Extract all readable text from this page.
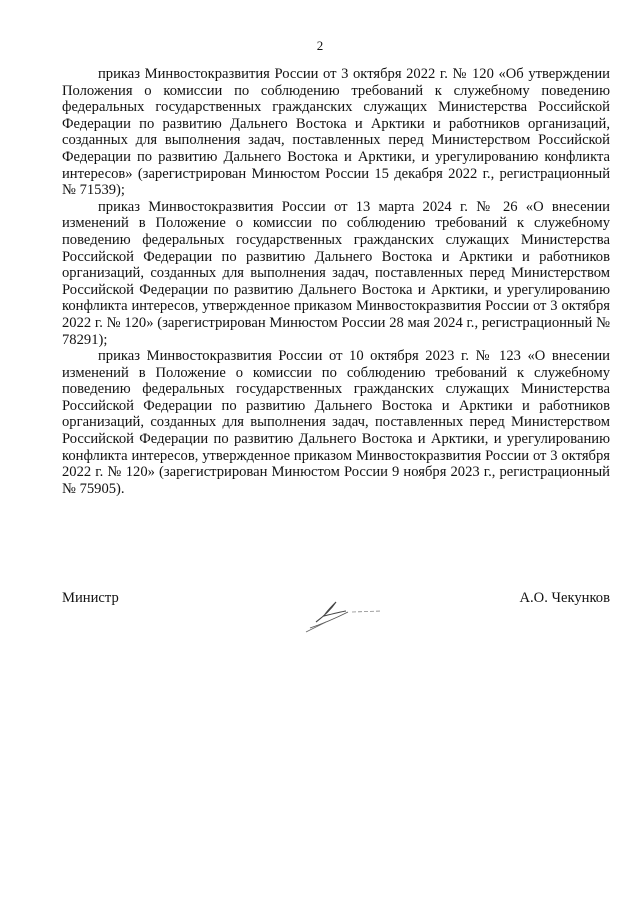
2

приказ Минвостокразвития России от 3 октября 2022 г. № 120 «Об утверждении Положения о комиссии по соблюдению требований к служебному поведению федеральных государственных гражданских служащих Министерства Российской Федерации по развитию Дальнего Востока и Арктики и работников организаций, созданных для выполнения задач, поставленных перед Министерством Российской Федерации по развитию Дальнего Востока и Арктики, и урегулированию конфликта интересов» (зарегистрирован Минюстом России 15 декабря 2022 г., регистрационный № 71539);

приказ Минвостокразвития России от 13 марта 2024 г. № 26 «О внесении изменений в Положение о комиссии по соблюдению требований к служебному поведению федеральных государственных гражданских служащих Министерства Российской Федерации по развитию Дальнего Востока и Арктики и работников организаций, созданных для выполнения задач, поставленных перед Министерством Российской Федерации по развитию Дальнего Востока и Арктики, и урегулированию конфликта интересов, утвержденное приказом Минвостокразвития России от 3 октября 2022 г. № 120» (зарегистрирован Минюстом России 28 мая 2024 г., регистрационный № 78291);

приказ Минвостокразвития России от 10 октября 2023 г. № 123 «О внесении изменений в Положение о комиссии по соблюдению требований к служебному поведению федеральных государственных гражданских служащих Министерства Российской Федерации по развитию Дальнего Востока и Арктики и работников организаций, созданных для выполнения задач, поставленных перед Министерством Российской Федерации по развитию Дальнего Востока и Арктики, и урегулированию конфликта интересов, утвержденное приказом Минвостокразвития России от 3 октября 2022 г. № 120» (зарегистрирован Минюстом России 9 ноября 2023 г., регистрационный № 75905).

Министр	А.О. Чекунков
